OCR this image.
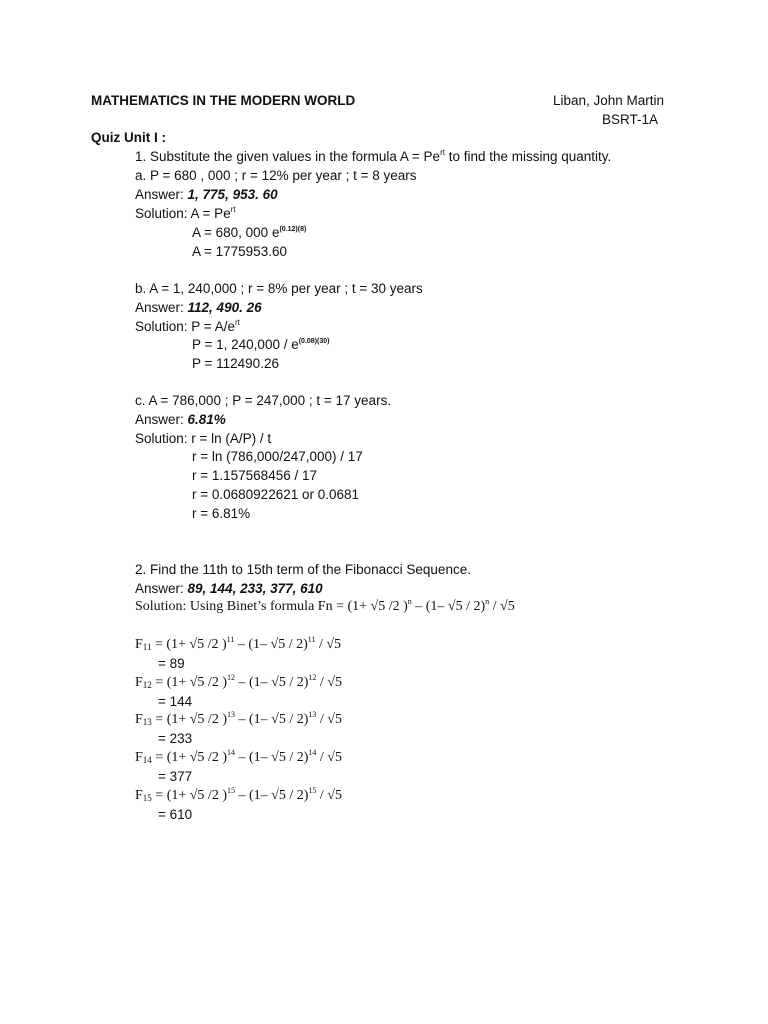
MATHEMATICS IN THE MODERN WORLD	Liban, John Martin
BSRT-1A
Quiz Unit I :
1. Substitute the given values in the formula $A = Pe^{rt}$ to find the missing quantity.
a. P = 680 , 000 ; r = 12% per year ; t = 8 years
Answer: 1, 775, 953. 60
Solution: $A = Pe^{rt}$
A = 680, 000 $e^{(0.12)(8)}$
A = 1775953.60
b. A = 1, 240,000 ; r = 8% per year ; t = 30 years
Answer: 112, 490. 26
Solution: $P = A/e^{rt}$
P = 1, $240,000 / e^{(0.08)(30)}$
P = 112490.26
c. A = 786,000 ; P = 247,000 ; t = 17 years.
Answer: 6.81%
Solution: r = ln (A/P) / t
r = ln (786,000/247,000) / 17
r = 1.157568456 / 17
r = 0.0680922621 or 0.0681
r = 6.81%
2. Find the 11th to 15th term of the Fibonacci Sequence.
Answer: 89, 144, 233, 377, 610
Solution: Using Binet’s formula Fn = (1+ √5 /2 )$^n$ – (1– √5 / 2)$^n$ / √5
$F_{11} = (1+ √5$ /2 )$^{11}$ – (1– √5 / 2)$^{11}$ / √5
= 89
$F_{12} = (1+ √5$ /2 )$^{12}$ – (1– √5 / 2)$^{12}$ / √5
= 144
$F_{13} = (1+ √5$ /2 )$^{13}$ – (1– √5 / 2)$^{13}$ / √5
= 233
$F_{14} = (1+ √5$ /2 )$^{14}$ – (1– √5 / 2)$^{14}$ / √5
= 377
$F_{15} = (1+ √5$ /2 )$^{15}$ – (1– √5 / 2)$^{15}$ / √5
= 610
